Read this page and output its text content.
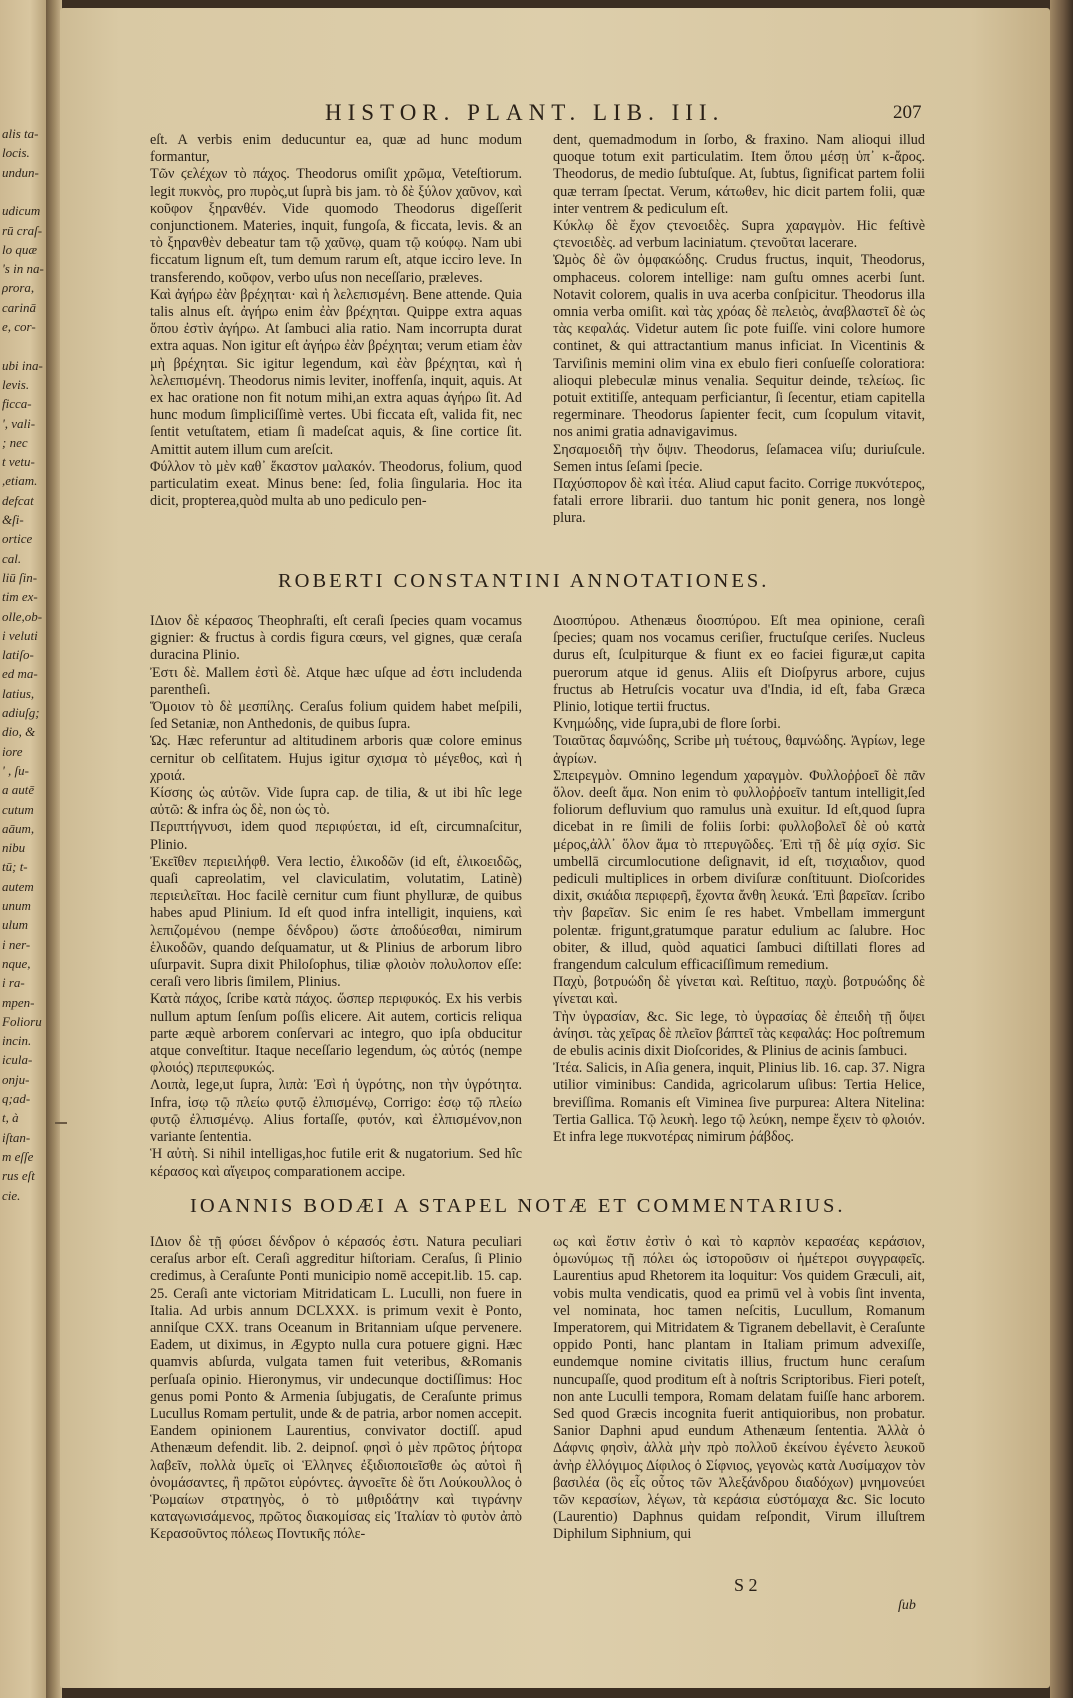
alis ta-
locis.
undun-
udicum
rū craſ-
lo quæ
's in na-
ρrora,
carinā
e, cor-
ubi ina-
levis.
ficca-
', vali-
; nec
t vetu-
,etiam.
defcat
&ſi-
ortice
cal.
liū ſin-
tim ex-
olle,ob-
i veluti
latiſo-
ed ma-
latius,
adiuſg;
dio, &
iore
' , ſu-
a autē
cutum
aāum,
nibu
tū; t-
autem
unum
ulum
i ner-
nque,
i ra-
mpen-
Folioru
incin.
icula-
onju-
q;ad-
t, à
iſtan-
m eſſe
rus eſt
cie.
HISTOR. PLANT. LIB. III.	207

eſt. A verbis enim deducuntur ea, quæ ad hunc modum formantur,

Τῶν ϛελέχων τὸ πάχος. Theodorus omiſit χρῶμα, Veteſtiorum. legit πυκνὸς, pro πυρὸς,ut ſuprà bis jam. τὸ δὲ ξύλον χαῦνον, καὶ κοῦφον ξηρανθέν. Vide quomodo Theodorus digeſſerit conjunctionem. Materies, inquit, fungoſa, & ficcata, levis. & an τὸ ξηρανθὲν debeatur tam τῷ χαῦνῳ, quam τῷ κούφῳ. Nam ubi ficcatum lignum eſt, tum demum rarum eſt, atque icciro leve. In transferendo, κοῦφον, verbo uſus non neceſſario, præleves.

Καὶ ἀγήρω ἐὰν βρέχηται· καὶ ἡ λελεπισμένη. Bene attende. Quia talis alnus eſt. ἀγήρω enim ἐὰν βρέχηται. Quippe extra aquas ὅπου ἐστὶν ἀγήρω. At ſambuci alia ratio. Nam incorrupta durat extra aquas. Non igitur eſt ἀγήρω ἐὰν βρέχηται; verum etiam ἐὰν μὴ βρέχηται. Sic igitur legendum, καὶ ἐὰν βρέχηται, καὶ ἡ λελεπισμένη. Theodorus nimis leviter, inoffenſa, inquit, aquis. At ex hac oratione non fit notum mihi,an extra aquas ἀγήρω ſit. Ad hunc modum ſimpliciſſimè vertes. Ubi ficcata eſt, valida fit, nec ſentit vetuſtatem, etiam ſi madeſcat aquis, & ſine cortice ſit. Amittit autem illum cum areſcit.

Φύλλον τὸ μὲν καθ᾽ ἕκαστον μαλακόν. Theodorus, folium, quod particulatim exeat. Minus bene: ſed, folia ſingularia. Hoc ita dicit, propterea,quòd multa ab uno pediculo pen-

dent, quemadmodum in ſorbo, & fraxino. Nam alioqui illud quoque totum exit particulatim. Item ὅπου μέσῃ ὑπ᾽ κ-ἄρος. Theodorus, de medio ſubtuſque. At, ſubtus, ſignificat partem folii quæ terram ſpectat. Verum, κάτωθεν, hic dicit partem folii, quæ inter ventrem & pediculum eſt.

Κύκλῳ δὲ ἔχον ϛτενοειδὲς. Supra χαραγμὸν. Hic feſtivè ϛτενοειδὲς. ad verbum laciniatum. ϛτενοῦται lacerare.

Ὠμὸς δὲ ὢν ὀμφακώδης. Crudus fructus, inquit, Theodorus, omphaceus. colorem intellige: nam guſtu omnes acerbi ſunt. Notavit colorem, qualis in uva acerba conſpicitur. Theodorus illa omnia verba omiſit. καὶ τὰς χρόας δὲ πελειὸς, ἀναβλαστεῖ δὲ ὡς τὰς κεφαλάς. Videtur autem ſic pote fuiſſe. vini colore humore continet, & qui attractantium manus inficiat. In Vicentinis & Tarviſinis memini olim vina ex ebulo fieri conſueſſe coloratiora: alioqui plebeculæ minus venalia. Sequitur deinde, τελείως. ſic potuit extitiſſe, antequam perficiantur, ſi ſecentur, etiam capitella regerminare. Theodorus ſapienter fecit, cum ſcopulum vitavit, nos animi gratia adnavigavimus.

Σησαμοειδῆ τὴν ὄψιν. Theodorus, ſeſamacea viſu; duriuſcule. Semen intus ſeſami ſpecie.

Παχύσπορον δὲ καὶ ἰτέα. Aliud caput facito. Corrige πυκνότερος, fatali errore librarii. duo tantum hic ponit genera, nos longè plura.

ROBERTI CONSTANTINI ANNOTATIONES.

ΙΔιον δὲ κέρασος Theophraſti, eſt ceraſi ſpecies quam vocamus gignier: & fructus à cordis figura cœurs, vel gignes, quæ ceraſa duracina Plinio.

Ἐστι δὲ. Mallem ἐστὶ δὲ. Atque hæc uſque ad ἐστι includenda parentheſi.

Ὅμοιον τὸ δὲ μεσπίλης. Ceraſus folium quidem habet meſpili, ſed Setaniæ, non Anthedonis, de quibus ſupra.

Ὡς. Hæc referuntur ad altitudinem arboris quæ colore eminus cernitur ob celſitatem. Hujus igitur σχισμα τὸ μέγεθος, καὶ ἡ χροιά.

Κίσσης ὡς αὐτῶν. Vide ſupra cap. de tilia, & ut ibi hîc lege αὐτῶ: & infra ὡς δὲ, non ὡς τὸ.

Περιπτήγνυσι, idem quod περιφύεται, id eſt, circumnaſcitur, Plinio.

Ἐκεῖθεν περιειλήφθ. Vera lectio, ἑλικοδῶν (id eſt, ἑλικοειδῶς, quaſi capreolatim, vel claviculatim, volutatim, Latinè) περιειλεῖται. Hoc facilè cernitur cum fiunt phylluræ, de quibus habes apud Plinium. Id eſt quod infra intelligit, inquiens, καὶ λεπιζομένου (nempe δένδρου) ὥστε ἀποδύεσθαι, nimirum ἑλικοδῶν, quando deſquamatur, ut & Plinius de arborum libro uſurpavit. Supra dixit Philoſophus, tiliæ φλοιὸν πολυλοπον eſſe: ceraſi vero libris ſimilem, Plinius.

Κατὰ πάχος, ſcribe κατὰ πάχος. ὥσπερ περιφυκός. Ex his verbis nullum aptum ſenſum poſſis elicere. Ait autem, corticis reliqua parte æquè arborem conſervari ac integro, quo ipſa obducitur atque conveſtitur. Itaque neceſſario legendum, ὡς αὐτός (nempe φλοιός) περιπεφυκώς.

Λοιπὰ, lege,ut ſupra, λιπὰ: Ἐσὶ ἡ ὑγρότης, non τὴν ὑγρότητα. Infra, ἰσῳ τῷ πλείω φυτῷ ἐλπισμένῳ, Corrigo: ἐσῳ τῷ πλείω φυτῷ ἐλπισμένῳ. Alius fortaſſe, φυτόν, καὶ ἐλπισμένον,non variante ſententia.

Ἡ αὐτὴ. Si nihil intelligas,hoc futile erit & nugatorium. Sed hîc κέρασος καὶ αἴγειρος comparationem accipe.

Διοσπύρου. Athenæus διοσπύρου. Eſt mea opinione, ceraſi ſpecies; quam nos vocamus ceriſier, fructuſque ceriſes. Nucleus durus eſt, ſculpiturque & fiunt ex eo faciei figuræ,ut capita puerorum atque id genus. Aliis eſt Dioſpyrus arbore, cujus fructus ab Hetruſcis vocatur uva d'India, id eſt, faba Græca Pliniо, lotique tertii fructus.

Κνημώδης, vide ſupra,ubi de flore ſorbi.

Τοιαῦτας δαμνώδης, Scribe μὴ τυέτους, θαμνώδης. Ἀγρίων, lege ἀγρίων.

Σπειρεγμὸν. Omnino legendum χαραγμὸν. Φυλλοῤῥοεῖ δὲ πᾶν ὅλον. deeſt ἅμα. Non enim τὸ φυλλοῤῥοεῖν tantum intelligit,ſed foliorum defluvium quo ramulus unà exuitur. Id eſt,quod ſupra dicebat in re ſimili de foliis ſorbi: φυλλοβολεῖ δὲ οὐ κατὰ μέρος,ἀλλ᾽ ὅλον ἅμα τὸ πτερυγῶδες. Ἐπὶ τῇ δὲ μίᾳ σχίσ. Sic umbellā circumlocutione deſignavit, id eſt, τισχιαδιον, quod pediculi multiplices in orbem diviſuræ conſtituunt. Dioſcorides dixit, σκιάδια περιφερῆ, ἔχοντα ἄνθη λευκά. Ἐπὶ βαρεῖαν. ſcribo τὴν βαρεῖαν. Sic enim ſe res habet. Vmbellam immergunt polentæ. frigunt,gratumque paratur edulium ac ſalubre. Hoc obiter, & illud, quòd aquatici ſambuci diſtillati flores ad frangendum calculum efficaciſſimum remedium.

Παχὺ, βοτρυώδη δὲ γίνεται καὶ. Reſtituo, παχὺ. βοτρυώδης δὲ γίνεται καὶ.

Τὴν ὑγρασίαν, &c. Sic lege, τὸ ὑγρασίας δὲ ἐπειδὴ τῇ ὄψει ἀνίησι. τὰς χεῖρας δὲ πλεῖον βάπτεῖ τὰς κεφαλάς: Hoc poſtremum de ebulis acinis dixit Dioſcorides, & Plinius de acinis ſambuci.

Ἰτέα. Salicis, in Aſia genera, inquit, Plinius lib. 16. cap. 37. Nigra utilior viminibus: Candida, agricolarum uſibus: Tertia Helice, breviſſima. Romanis eſt Viminea ſive purpurea: Altera Nitelina: Tertia Gallica. Τῷ λευκὴ. lego τῷ λεύκη, nempe ἔχειν τὸ φλοιόν. Et infra lege πυκνοτέρας nimirum ῥάβδος.

IOANNIS BODÆI A STAPEL NOTÆ ET COMMENTARIUS.

ΙΔιον δὲ τῇ φύσει δένδρον ὁ κέρασός ἐστι. Natura peculiari ceraſus arbor eſt. Ceraſi aggreditur hiſtoriam. Ceraſus, ſi Plinio credimus, à Ceraſunte Ponti municipio nomē accepit.lib. 15. cap. 25. Ceraſi ante victoriam Mitridaticam L. Luculli, non fuere in Italia. Ad urbis annum DCLXXX. is primum vexit è Ponto, anniſque CXX. trans Oceanum in Britanniam uſque pervenere. Eadem, ut diximus, in Ægypto nulla cura potuere gigni. Hæc quamvis abſurda, vulgata tamen fuit veteribus, &Romanis perſuaſa opinio. Hieronymus, vir undecunque doctiſſimus: Hoc genus pomi Ponto & Armenia ſubjugatis, de Ceraſunte primus Lucullus Romam pertulit, unde & de patria, arbor nomen accepit. Eandem opinionem Laurentius, convivator doctiſſ. apud Athenæum defendit. lib. 2. deipnoſ. φησὶ ὁ μὲν πρῶτος ῥήτορα λαβεῖν, πολλὰ ὑμεῖς οἱ Ἑλληνες ἐξιδιοποιεῖσθε ὡς αὐτοὶ ἢ ὀνομάσαντες, ἢ πρῶτοι εὑρόντες. ἀγνοεῖτε δὲ ὅτι Λούκουλλος ὁ Ῥωμαίων στρατηγὸς, ὁ τὸ μιθριδάτην καὶ τιγράνην καταγωνισάμενος, πρῶτος διακομίσας εἰς Ἰταλίαν τὸ φυτὸν ἀπὸ Κερασοῦντος πόλεως Ποντικῆς πόλε-

ως καὶ ἔστιν ἐστὶν ὁ καὶ τὸ καρπὸν κερασέας κεράσιον, ὁμωνύμως τῇ πόλει ὡς ἱστοροῦσιν οἱ ἡμέτεροι συγγραφεῖς. Laurentius apud Rhetorem ita loquitur: Vos quidem Græculi, ait, vobis multa vendicatis, quod ea primū vel à vobis ſint inventa, vel nominata, hoc tamen neſcitis, Lucullum, Romanum Imperatorem, qui Mitridatem & Tigranem debellavit, è Ceraſunte oppido Ponti, hanc plantam in Italiam primum advexiſſe, eundemque nomine civitatis illius, fructum hunc ceraſum nuncupaſſe, quod proditum eſt à noſtris Scriptoribus. Fieri poteſt, non ante Luculli tempora, Romam delatam fuiſſe hanc arborem. Sed quod Græcis incognita fuerit antiquioribus, non probatur. Sanior Daphni apud eundum Athenæum ſententia. Ἀλλὰ ὁ Δάφνις φησὶν, ἀλλὰ μὴν πρὸ πολλοῦ ἐκείνου ἐγένετο λευκοῦ ἀνὴρ ἐλλόγιμος Δίφιλος ὁ Σίφνιος, γεγονὼς κατὰ Λυσίμαχον τὸν βασιλέα (ὃς εἷς οὗτος τῶν Ἀλεξάνδρου διαδόχων) μνημονεύει τῶν κερασίων, λέγων, τὰ κεράσια εὐστόμαχα &c. Sic locuto (Laurentio) Daphnus quidam reſpondit, Virum illuſtrem Diphilum Siphnium, qui

S 2
ſub
